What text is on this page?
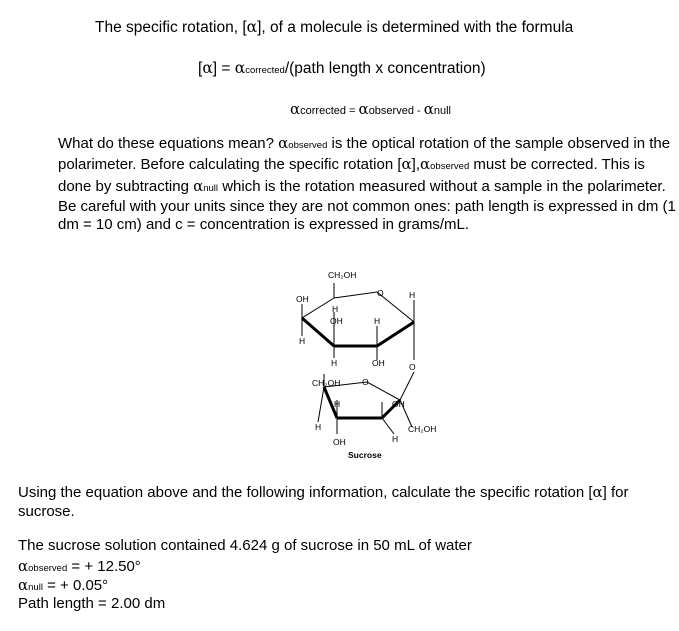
The specific rotation, [α], of a molecule is determined with the formula
[α] = αcorrected/(path length x concentration)
αcorrected = αobserved - αnull
What do these equations mean? αobserved is the optical rotation of the sample observed in the polarimeter. Before calculating the specific rotation [α],αobserved must be corrected. This is done by subtracting αnull which is the rotation measured without a sample in the polarimeter. Be careful with your units since they are not common ones: path length is expressed in dm (1 dm = 10 cm) and c = concentration is expressed in grams/mL.
CH₂OH
OH
H
H
OH	H
O	H
H	OH	O
CH₂OH	O
H	OH
H
OH	H
CH₂OH
Sucrose
Using the equation above and the following information, calculate the specific rotation [α] for sucrose.
The sucrose solution contained 4.624 g of sucrose in 50 mL of water
αobserved = + 12.50°
αnull = + 0.05°
Path length = 2.00 dm
